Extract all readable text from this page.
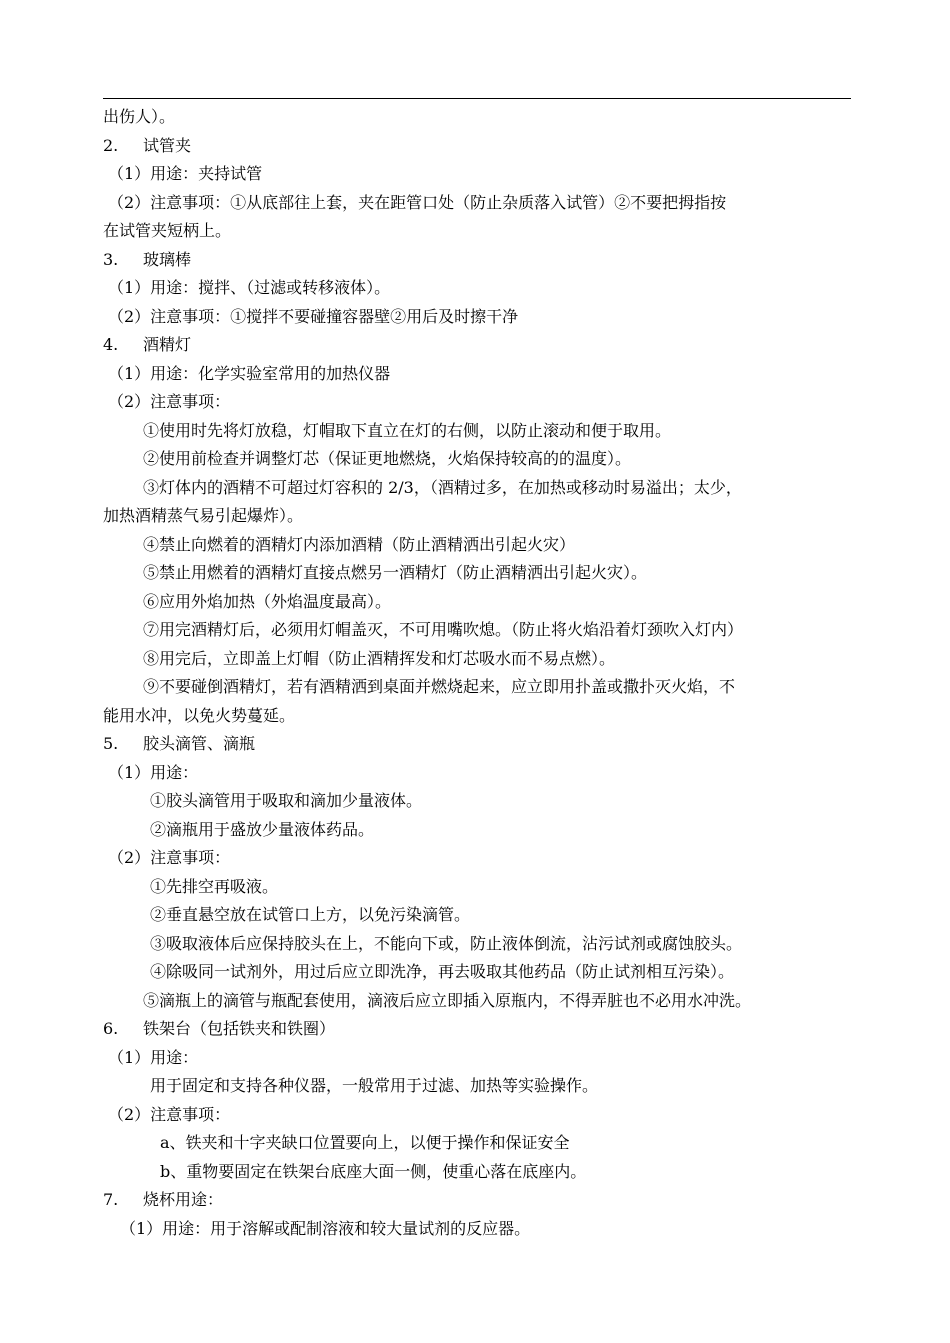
出伤人）。
2. 试管夹
（1）用途：夹持试管
（2）注意事项：①从底部往上套，夹在距管口处（防止杂质落入试管）②不要把拇指按
在试管夹短柄上。
3. 玻璃棒
（1）用途：搅拌、（过滤或转移液体）。
（2）注意事项：①搅拌不要碰撞容器壁②用后及时擦干净
4. 酒精灯
（1）用途：化学实验室常用的加热仪器
（2）注意事项：
①使用时先将灯放稳，灯帽取下直立在灯的右侧，以防止滚动和便于取用。
②使用前检查并调整灯芯（保证更地燃烧，火焰保持较高的的温度）。
③灯体内的酒精不可超过灯容积的 2/3，（酒精过多，在加热或移动时易溢出；太少，
加热酒精蒸气易引起爆炸）。
④禁止向燃着的酒精灯内添加酒精（防止酒精洒出引起火灾）
⑤禁止用燃着的酒精灯直接点燃另一酒精灯（防止酒精洒出引起火灾）。
⑥应用外焰加热（外焰温度最高）。
⑦用完酒精灯后，必须用灯帽盖灭，不可用嘴吹熄。（防止将火焰沿着灯颈吹入灯内）
⑧用完后，立即盖上灯帽（防止酒精挥发和灯芯吸水而不易点燃）。
⑨不要碰倒酒精灯，若有酒精洒到桌面并燃烧起来，应立即用扑盖或撒扑灭火焰，不
能用水冲，以免火势蔓延。
5. 胶头滴管、滴瓶
（1）用途：
①胶头滴管用于吸取和滴加少量液体。
②滴瓶用于盛放少量液体药品。
（2）注意事项：
①先排空再吸液。
②垂直悬空放在试管口上方，以免污染滴管。
③吸取液体后应保持胶头在上，不能向下或，防止液体倒流，沾污试剂或腐蚀胶头。
④除吸同一试剂外，用过后应立即洗净，再去吸取其他药品（防止试剂相互污染）。
⑤滴瓶上的滴管与瓶配套使用，滴液后应立即插入原瓶内，不得弄脏也不必用水冲洗。
6. 铁架台（包括铁夹和铁圈）
（1）用途：
用于固定和支持各种仪器，一般常用于过滤、加热等实验操作。
（2）注意事项：
a、铁夹和十字夹缺口位置要向上，以便于操作和保证安全
b、重物要固定在铁架台底座大面一侧，使重心落在底座内。
7. 烧杯用途：
（1）用途：用于溶解或配制溶液和较大量试剂的反应器。
